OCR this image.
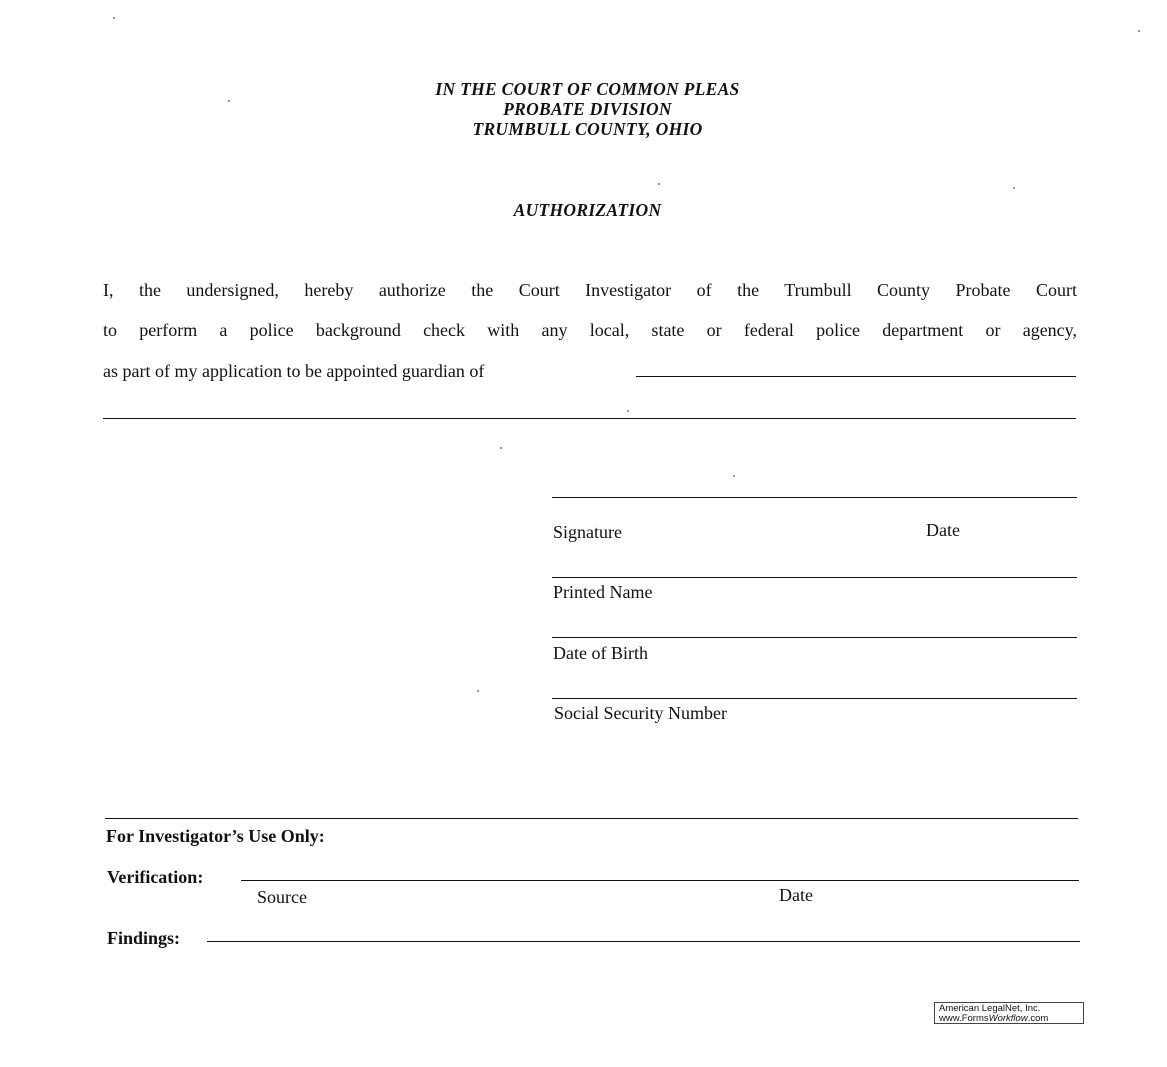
IN THE COURT OF COMMON PLEAS
PROBATE DIVISION
TRUMBULL COUNTY, OHIO
AUTHORIZATION
I, the undersigned, hereby authorize the Court Investigator of the Trumbull County Probate Court
to perform a police background check with any local, state or federal police department or agency,
as part of my application to be appointed guardian of
Signature	Date
Printed Name
Date of Birth
Social Security Number
For Investigator’s Use Only:
Verification:
Source	Date
Findings:
American LegalNet, Inc.
www.FormsWorkflow.com
